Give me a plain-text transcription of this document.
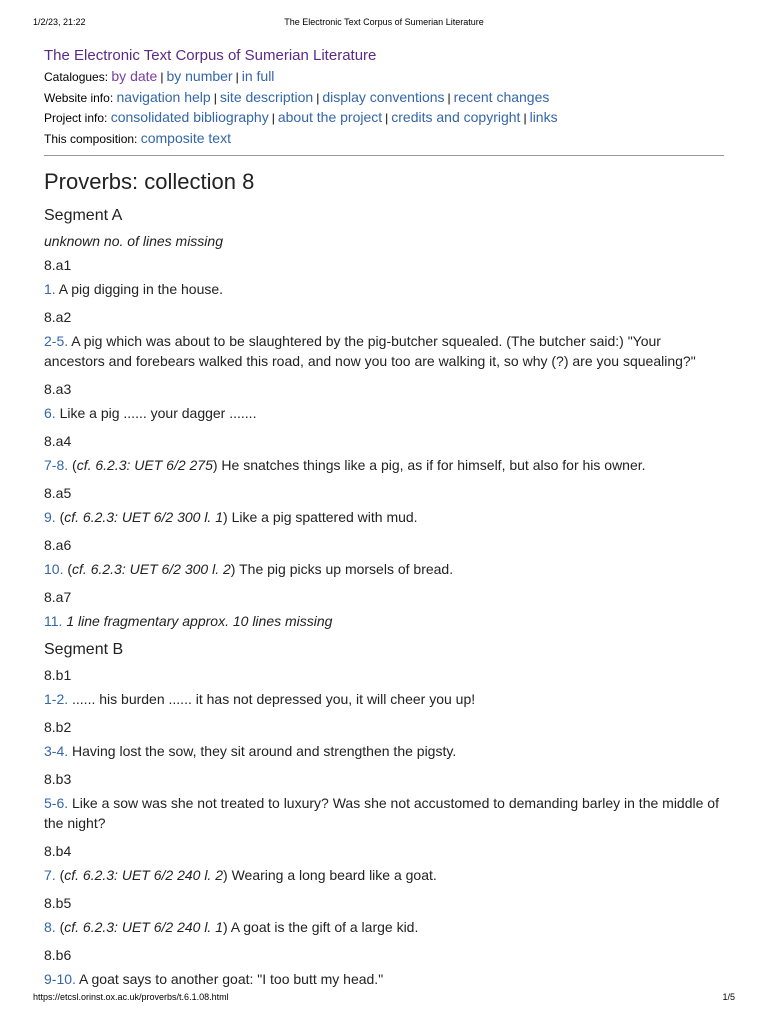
The Electronic Text Corpus of Sumerian Literature
1/2/23, 21:22
The Electronic Text Corpus of Sumerian Literature
Catalogues: by date | by number | in full
Website info: navigation help | site description | display conventions | recent changes
Project info: consolidated bibliography | about the project | credits and copyright | links
This composition: composite text
Proverbs: collection 8
Segment A
unknown no. of lines missing
8.a1
1. A pig digging in the house.
8.a2
2-5. A pig which was about to be slaughtered by the pig-butcher squealed. (The butcher said:) "Your ancestors and forebears walked this road, and now you too are walking it, so why (?) are you squealing?"
8.a3
6. Like a pig ...... your dagger .......
8.a4
7-8. (cf. 6.2.3: UET 6/2 275) He snatches things like a pig, as if for himself, but also for his owner.
8.a5
9. (cf. 6.2.3: UET 6/2 300 l. 1) Like a pig spattered with mud.
8.a6
10. (cf. 6.2.3: UET 6/2 300 l. 2) The pig picks up morsels of bread.
8.a7
11. 1 line fragmentary approx. 10 lines missing
Segment B
8.b1
1-2. ...... his burden ...... it has not depressed you, it will cheer you up!
8.b2
3-4. Having lost the sow, they sit around and strengthen the pigsty.
8.b3
5-6. Like a sow was she not treated to luxury? Was she not accustomed to demanding barley in the middle of the night?
8.b4
7. (cf. 6.2.3: UET 6/2 240 l. 2) Wearing a long beard like a goat.
8.b5
8. (cf. 6.2.3: UET 6/2 240 l. 1) A goat is the gift of a large kid.
8.b6
9-10. A goat says to another goat: "I too butt my head."
https://etcsl.orinst.ox.ac.uk/proverbs/t.6.1.08.html	1/5
